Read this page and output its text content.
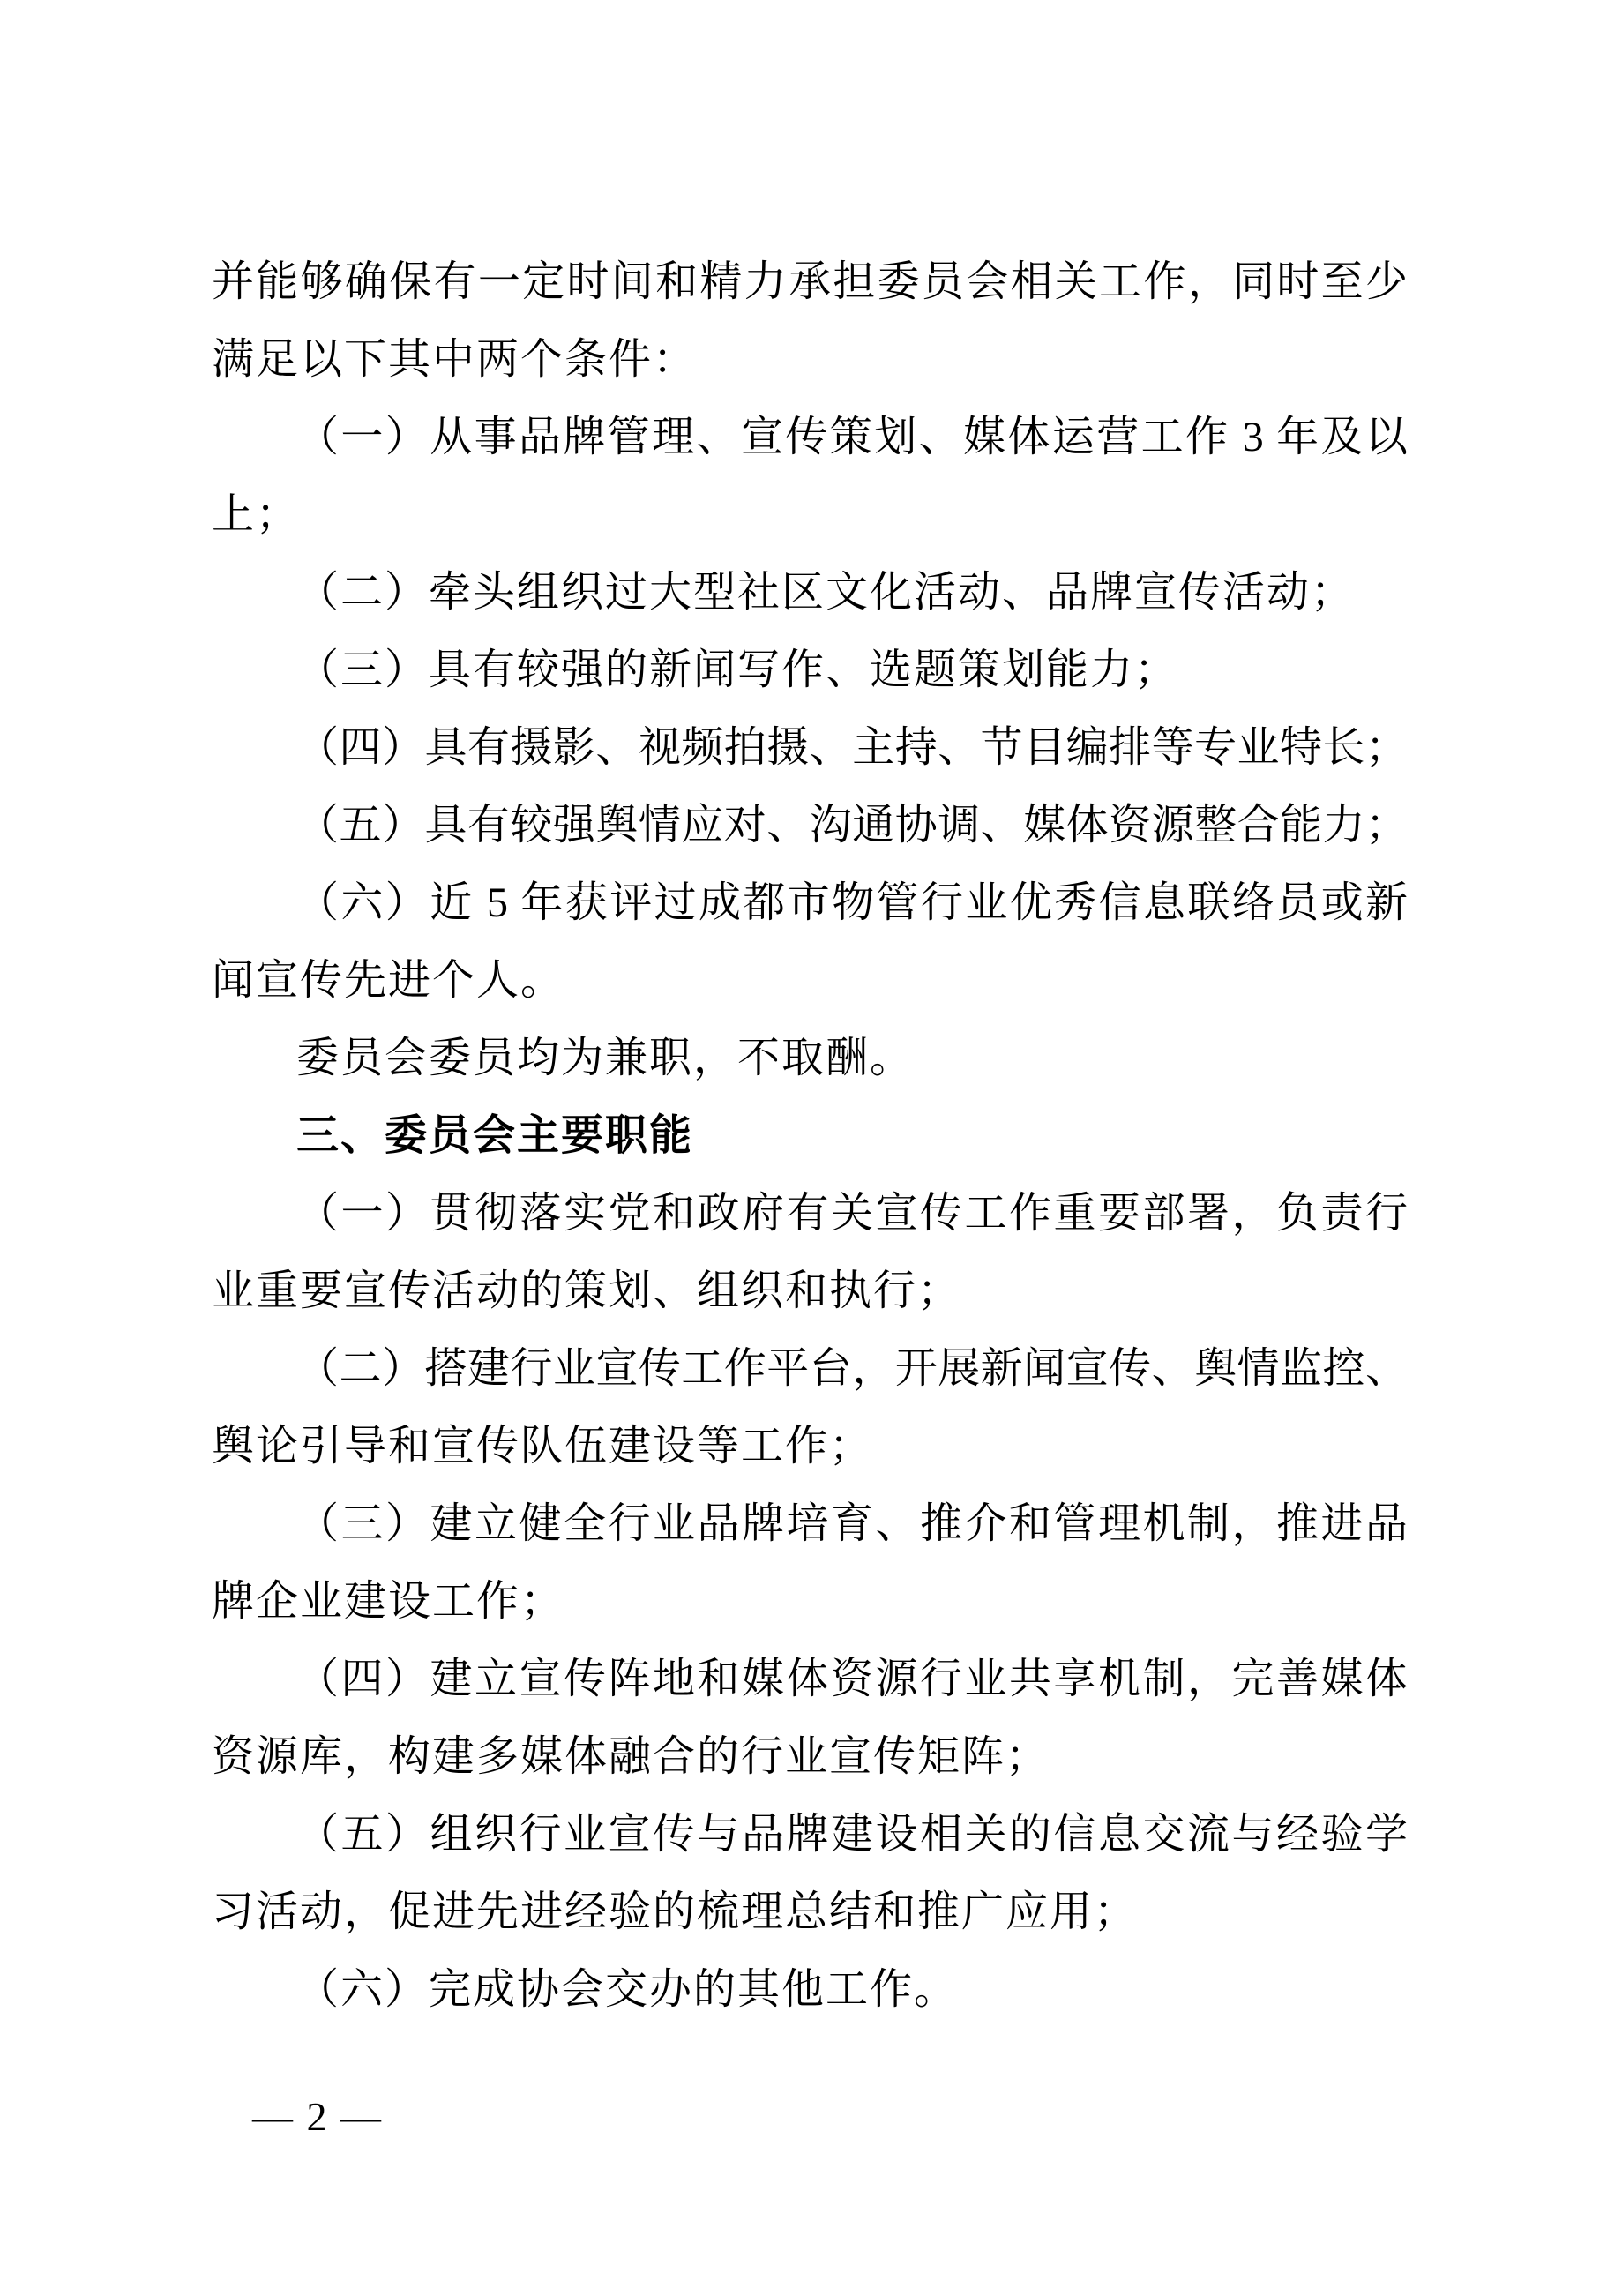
并能够确保有一定时间和精力承担委员会相关工作，同时至少
满足以下其中两个条件：
（一）从事品牌管理、宣传策划、媒体运营工作 3 年及以
上；
（二）牵头组织过大型社区文化活动、品牌宣传活动；
（三）具有较强的新闻写作、选题策划能力；
（四）具有摄影、视频拍摄、主持、节目编排等专业特长；
（五）具有较强舆情应对、沟通协调、媒体资源整合能力；
（六）近 5 年获评过成都市物管行业优秀信息联络员或新
闻宣传先进个人。
委员会委员均为兼职，不取酬。
三、委员会主要职能
（一）贯彻落实党和政府有关宣传工作重要部署，负责行
业重要宣传活动的策划、组织和执行；
（二）搭建行业宣传工作平台，开展新闻宣传、舆情监控、
舆论引导和宣传队伍建设等工作；
（三）建立健全行业品牌培育、推介和管理机制，推进品
牌企业建设工作；
（四）建立宣传阵地和媒体资源行业共享机制，完善媒体
资源库，构建多媒体融合的行业宣传矩阵；
（五）组织行业宣传与品牌建设相关的信息交流与经验学
习活动，促进先进经验的梳理总结和推广应用；
（六）完成协会交办的其他工作。
— 2 —
